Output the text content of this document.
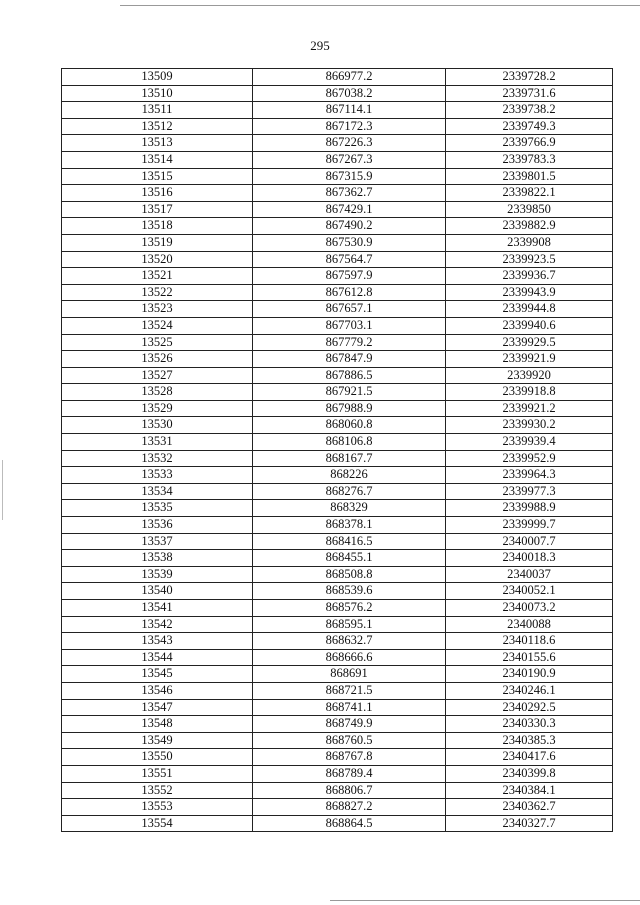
295
13509	866977.2	2339728.2
13510	867038.2	2339731.6
13511	867114.1	2339738.2
13512	867172.3	2339749.3
13513	867226.3	2339766.9
13514	867267.3	2339783.3
13515	867315.9	2339801.5
13516	867362.7	2339822.1
13517	867429.1	2339850
13518	867490.2	2339882.9
13519	867530.9	2339908
13520	867564.7	2339923.5
13521	867597.9	2339936.7
13522	867612.8	2339943.9
13523	867657.1	2339944.8
13524	867703.1	2339940.6
13525	867779.2	2339929.5
13526	867847.9	2339921.9
13527	867886.5	2339920
13528	867921.5	2339918.8
13529	867988.9	2339921.2
13530	868060.8	2339930.2
13531	868106.8	2339939.4
13532	868167.7	2339952.9
13533	868226	2339964.3
13534	868276.7	2339977.3
13535	868329	2339988.9
13536	868378.1	2339999.7
13537	868416.5	2340007.7
13538	868455.1	2340018.3
13539	868508.8	2340037
13540	868539.6	2340052.1
13541	868576.2	2340073.2
13542	868595.1	2340088
13543	868632.7	2340118.6
13544	868666.6	2340155.6
13545	868691	2340190.9
13546	868721.5	2340246.1
13547	868741.1	2340292.5
13548	868749.9	2340330.3
13549	868760.5	2340385.3
13550	868767.8	2340417.6
13551	868789.4	2340399.8
13552	868806.7	2340384.1
13553	868827.2	2340362.7
13554	868864.5	2340327.7
